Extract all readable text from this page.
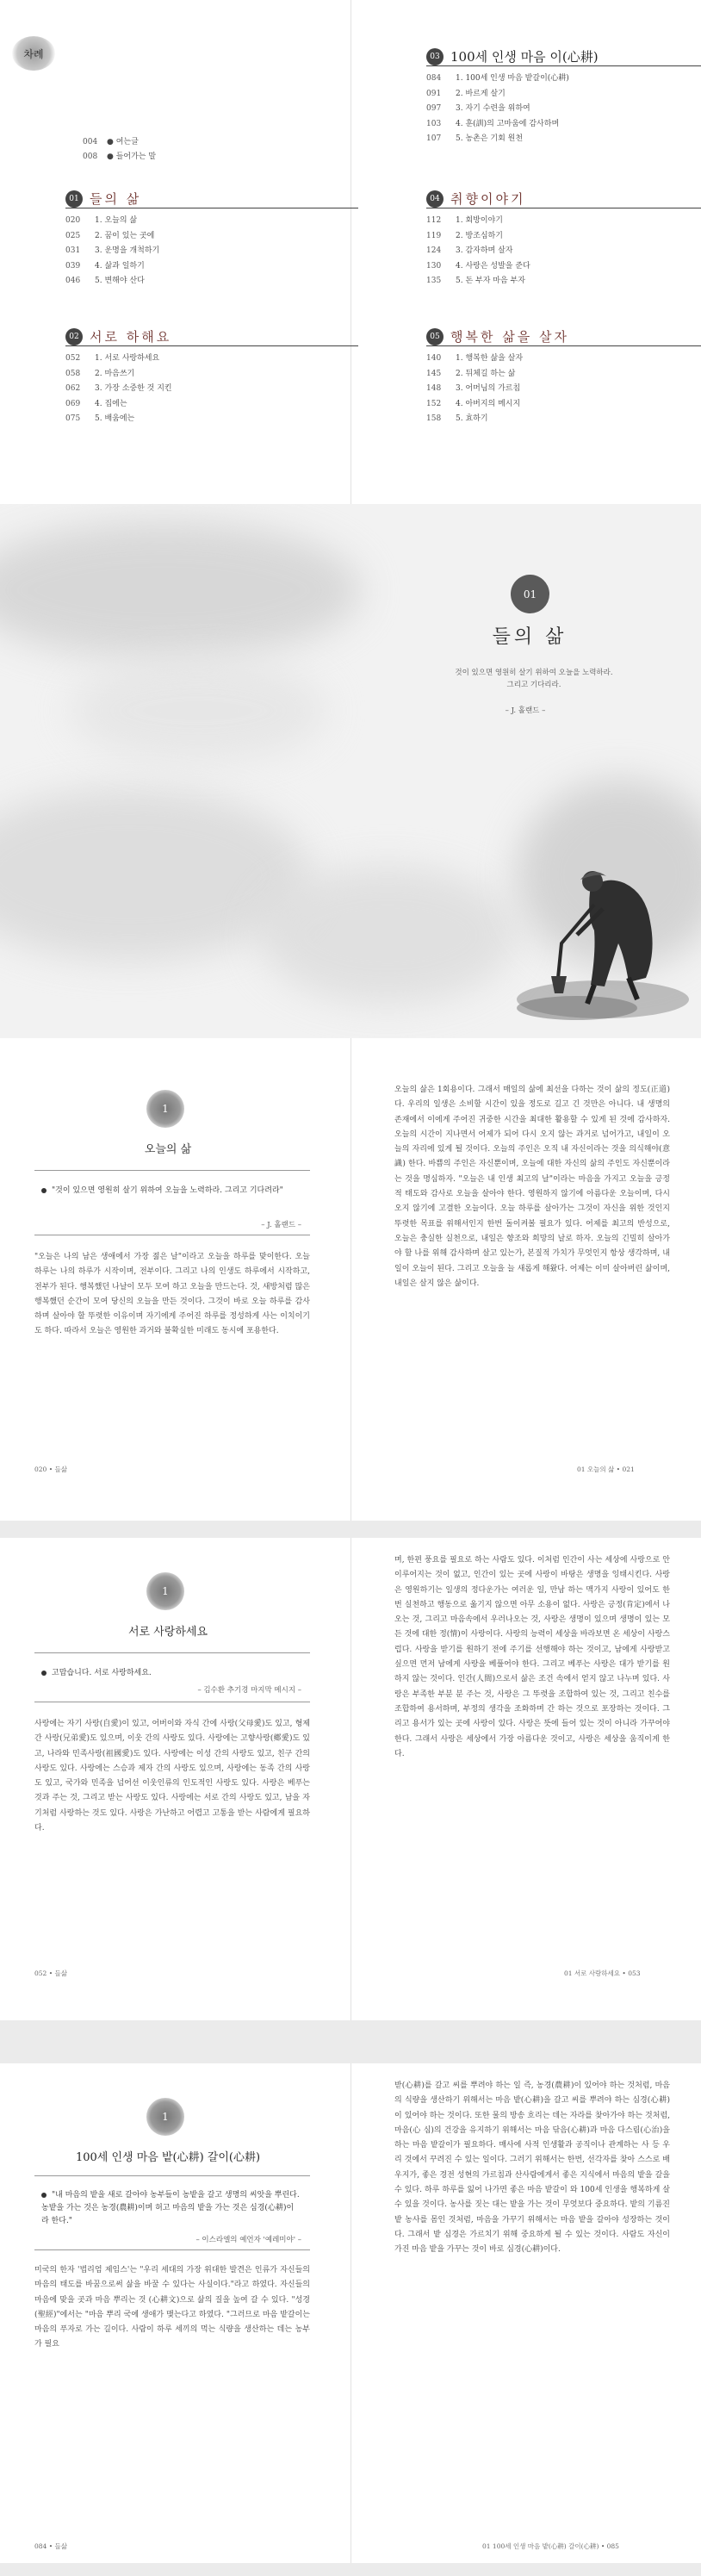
차례
004 ● 여는글
008 ● 들어가는 말
01 들의 삶
020 1. 오늘의 삶
025 2. 꿈이 있는 곳에
031 3. 운명을 개척하기
039 4. 삶과 일하기
046 5. 변해야 산다
02 서로 하해요
052 1. 서로 사랑하세요
058 2. 마음쓰기
062 3. 가장 소중한 것 지킨
069 4. 집에는
075 5. 배움에는
03 100세 인생 마음 이(心耕)
084 1. 100세 인생 마음 밭갈이(心耕)
091 2. 바르게 살기
097 3. 자기 수련을 위하여
103 4. 훈(訓)의 고마움에 감사하며
107 5. 농촌은 기회 원천
04 취향이야기
112 1. 회방이야기
119 2. 방조심하기
124 3. 감자하며 살자
130 4. 사랑은 성발을 준다
135 5. 돈 부자 마음 부자
05 행복한 삶을 살자
140 1. 행복한 삶을 살자
145 2. 뒤체길 하는 삶
148 3. 어머님의 가르침
152 4. 아버지의 메시지
158 5. 효하기
01
들의 삶
것이 있으면 영원히 살기 위하여 오늘을 노력하라.
그리고 기다리라.
– J. 홀랜드 –
1
오늘의 삶
"것이 있으면 영원히 살기 위하여 오늘을 노력하라. 그리고 기다려라"
– J. 홀랜드 –
"오늘은 나의 남은 생애에서 가장 젊은 날"이라고 오늘을 하루를 맞이한다. 오늘 하루는 나의 하루가 시작이며, 전부이다. 그리고 나의 인생도 하루에서 시작하고, 전부가 된다. 행복했던 나날이 모두 모여 하고 오늘을 만드는다. 것, 새방처럼 많은 행복했던 순간이 모여 당신의 오늘을 만든 것이다. 그것이 바로 오늘 하루를 감사하며 살아야 할 뚜렷한 이유이며 자기에게 주어진 하루를 정성하게 사는 이치이기도 하다. 따라서 오늘은 영원한 과거와 불확실한 미래도 동시에 포용한다.
020 • 들삶
오늘의 삶은 1회용이다. 그래서 매일의 삶에 최선을 다하는 것이 삶의 정도(正道)다. 우리의 일생은 소비할 시간이 있을 정도로 길고 긴 것만은 아니다. 내 생명의 존재에서 이에게 주어진 귀중한 시간을 최대한 활용할 수 있게 된 것에 감사하자. 오늘의 시간이 지나면서 어제가 되어 다시 오지 않는 과거로 넘어가고, 내일이 오늘의 자리에 있게 될 것이다. 오늘의 주인은 오직 내 자신이라는 것을 의식해야(意識) 한다. 바쁨의 주인은 자신뿐이며, 오늘에 대한 자신의 삶의 주인도 자신뿐이라는 것을 명심하자. "오늘은 내 인생 최고의 날"이라는 마음을 가지고 오늘을 긍정적 태도와 감사로 오늘을 살아야 한다. 영원하지 않기에 아름다운 오늘이며, 다시 오지 않기에 고결한 오늘이다. 오늘 하루를 살아가는 그것이 자신을 위한 것인지 뚜렷한 목표를 위해서인지 한번 돌이켜볼 필요가 있다. 어제를 최고의 반성으로, 오늘은 충실한 실천으로, 내일은 향조와 희망의 날로 하자. 오늘의 긴밀히 살아가야 할 나를 위해 감사하며 살고 있는가, 본질적 가치가 무엇인지 항상 생각하며, 내일이 오늘이 된다. 그리고 오늘을 늘 새롭게 해왔다. 어제는 이미 살아버린 삶이며, 내일은 살지 않은 삶이다.
01 오늘의 삶 • 021
1
서로 사랑하세요
고맙습니다. 서로 사랑하세요.
– 김수환 추기경 마지막 메시지 –
사랑에는 자기 사랑(自愛)이 있고, 어버이와 자식 간에 사랑(父母愛)도 있고, 형제간 사랑(兄弟愛)도 있으며, 이웃 간의 사랑도 있다. 사랑에는 고향사랑(鄕愛)도 있고, 나라와 민족사랑(祖國愛)도 있다. 사랑에는 이성 간의 사랑도 있고, 친구 간의 사랑도 있다. 사랑에는 스승과 제자 간의 사랑도 있으며, 사랑에는 동족 간의 사랑도 있고, 국가와 민족을 넘어선 이웃인류의 인도적인 사랑도 있다. 사랑은 베푸는 것과 주는 것, 그리고 받는 사랑도 있다. 사랑에는 서로 간의 사랑도 있고, 남을 자기처럼 사랑하는 것도 있다. 사랑은 가난하고 어렵고 고통을 받는 사람에게 필요하다.
052 • 들삶
며, 한편 풍요를 필요로 하는 사람도 있다. 이처럼 인간이 사는 세상에 사랑으로 안 이루어지는 것이 없고, 인간이 있는 곳에 사랑이 바탕은 생명을 잉태시킨다. 사랑은 영원하기는 일생의 정다운가는 여러운 일, 만남 하는 맥가지 사랑이 있어도 한 번 실천하고 행동으로 옮기지 않으면 아무 소용이 없다. 사랑은 긍정(肯定)에서 나오는 것, 그리고 마음속에서 우러나오는 것, 사랑은 생명이 있으며 생명이 있는 모든 것에 대한 정(情)이 사랑이다. 사랑의 능력이 세상을 바라보면 온 세상이 사랑스럽다. 사랑을 받기를 원하기 전에 주기를 선행해야 하는 것이고, 남에게 사랑받고 싶으면 먼저 남에게 사랑을 베풀어야 한다. 그리고 베푸는 사랑은 대가 받기를 원하지 않는 것이다. 인간(人間)으로서 삶은 조건 속에서 얻지 않고 나누며 있다. 사랑은 부족한 부분 분 주는 것, 사랑은 그 뚜렷을 조합하여 있는 것, 그리고 친수를 조합하여 용서하며, 부정의 생각을 조화하며 간 하는 것으로 포장하는 것이다. 그리고 용서가 있는 곳에 사랑이 있다. 사랑은 뜻에 들어 있는 것이 아니라 가꾸어야 한다. 그래서 사랑은 세상에서 가장 아름다운 것이고, 사랑은 세상을 움직이게 한다.
01 서로 사랑하세요 • 053
1
100세 인생 마음 밭(心耕) 갈이(心耕)
"내 마음의 밭을 새로 갈아야 농부들이 농밭을 갈고 생명의 씨앗을 뿌린다. 농밭을 가는 것은 농경(農耕)이며 허고 마음의 밭을 가는 것은 심경(心耕)이라 한다."
– 이스라엘의 예언자 '예레미야' –
미국의 한자 '법리엄 제임스'는 "우리 세대의 가장 위대한 발견은 인류가 자신들의 마음의 태도를 바꿈으로써 삶을 바꿀 수 있다는 사실이다."라고 하였다. 자신들의 마음에 맞을 곳과 마음 뿌리는 것 (心耕文)으로 삶의 질을 높여 갈 수 있다. "성경(聖經)"에서는 "마음 뿌리 국에 생애가 맺는다고 하였다. "그러므로 마음 밭갈이는 마음의 푸자로 가는 길이다. 사람이 하루 세끼의 먹는 식량을 생산하는 데는 농부가 필요
084 • 들삶
받(心耕)를 갈고 씨를 뿌려야 하는 일 즉, 농경(農耕)이 있어야 하는 것처럼, 마음의 식량을 생산하기 위해서는 마음 밭(心耕)을 갈고 씨를 뿌려야 하는 심경(心耕)이 있어야 하는 것이다. 또한 물의 방송 흐리는 데는 자라를 찾아가야 하는 것처럼, 마음(心 심)의 건강을 유지하기 위해서는 마음 닦음(心耕)과 마음 다스림(心治)을 하는 마음 밭갈이가 필요하다. 매사에 사적 인생활과 공직이나 관계하는 사 등 우리 것에서 꾸려진 수 있는 일이다. 그러기 위해서는 한번, 선각자를 찾아 스스로 배우지가, 좋은 경전 성현의 가르침과 산사람에게서 좋은 지식에서 마음의 밭을 갈을 수 있다. 하루 하루를 잃어 나가면 좋은 마음 밭갈이 와 100세 인생을 행복하게 살 수 있을 것이다. 농사를 짓는 대는 밭을 가는 것이 무엇보다 중요하다. 밭의 기름진 밭 농사를 몸인 것처럼, 마음을 가꾸기 위해서는 마음 밭을 갈아야 성장하는 것이다. 그래서 밭 심경은 가르치기 위해 중요하게 될 수 있는 것이다. 사람도 자신이 가진 마음 밭을 가꾸는 것이 바로 심경(心耕)이다.
01 100세 인생 마음 밭(心耕) 갈이(心耕) • 085
